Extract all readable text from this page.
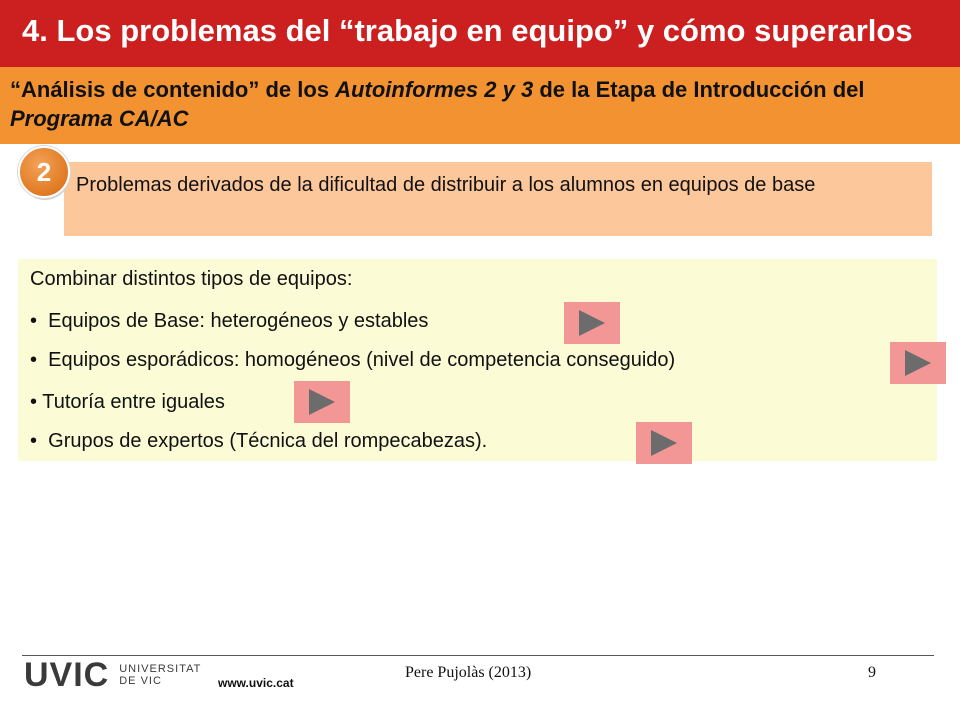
4. Los problemas del “trabajo en equipo” y cómo superarlos
“Análisis de contenido” de los Autoinformes 2 y 3 de la Etapa de Introducción del Programa CA/AC
Problemas derivados de la dificultad de distribuir a los alumnos en equipos de base
2
Combinar distintos tipos de equipos:
• Equipos de Base: heterogéneos y estables
• Equipos esporádicos: homogéneos (nivel de competencia conseguido)
• Tutoría entre iguales
• Grupos de expertos (Técnica del rompecabezas).
UVIC UNIVERSITAT
DE VIC	www.uvic.cat
Pere Pujolàs (2013)	9
